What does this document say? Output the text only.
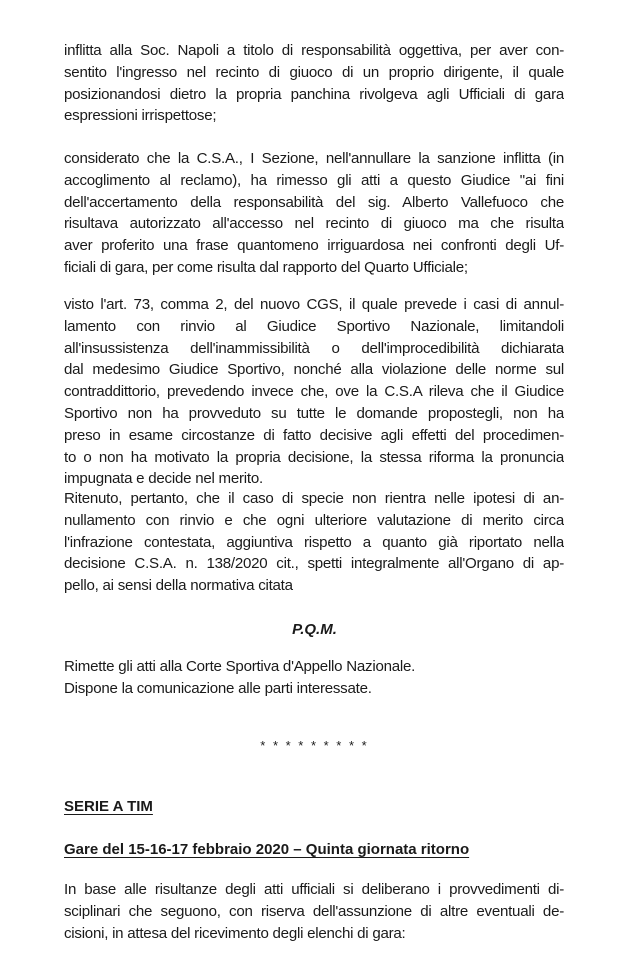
inflitta alla Soc. Napoli a titolo di responsabilità oggettiva, per aver con-
sentito l'ingresso nel recinto di giuoco di un proprio dirigente, il quale
posizionandosi dietro la propria panchina rivolgeva agli Ufficiali di gara
espressioni irrispettose;
considerato che la C.S.A., I Sezione, nell'annullare la sanzione inflitta (in
accoglimento al reclamo), ha rimesso gli atti a questo Giudice "ai fini
dell'accertamento della responsabilità del sig. Alberto Vallefuoco che
risultava autorizzato all'accesso nel recinto di giuoco ma che risulta
aver proferito una frase quantomeno irriguardosa nei confronti degli Uf-
ficiali di gara, per come risulta dal rapporto del Quarto Ufficiale;
visto l'art. 73, comma 2, del nuovo CGS, il quale prevede i casi di annul-
lamento con rinvio al Giudice Sportivo Nazionale, limitandoli
all'insussistenza dell'inammissibilità o dell'improcedibilità dichiarata
dal medesimo Giudice Sportivo, nonché alla violazione delle norme sul
contraddittorio, prevedendo invece che, ove la C.S.A rileva che il Giudice
Sportivo non ha provveduto su tutte le domande propostegli, non ha
preso in esame circostanze di fatto decisive agli effetti del procedimen-
to o non ha motivato la propria decisione, la stessa riforma la pronuncia
impugnata e decide nel merito.
Ritenuto, pertanto, che il caso di specie non rientra nelle ipotesi di an-
nullamento con rinvio e che ogni ulteriore valutazione di merito circa
l'infrazione contestata, aggiuntiva rispetto a quanto già riportato nella
decisione C.S.A. n. 138/2020 cit., spetti integralmente all'Organo di ap-
pello, ai sensi della normativa citata
P.Q.M.
Rimette gli atti alla Corte Sportiva d'Appello Nazionale.
Dispone la comunicazione alle parti interessate.
* * * * * * * * *
SERIE A TIM
Gare del 15-16-17 febbraio 2020 – Quinta giornata ritorno
In base alle risultanze degli atti ufficiali si deliberano i provvedimenti di-
sciplinari che seguono, con riserva dell'assunzione di altre eventuali de-
cisioni, in attesa del ricevimento degli elenchi di gara:
